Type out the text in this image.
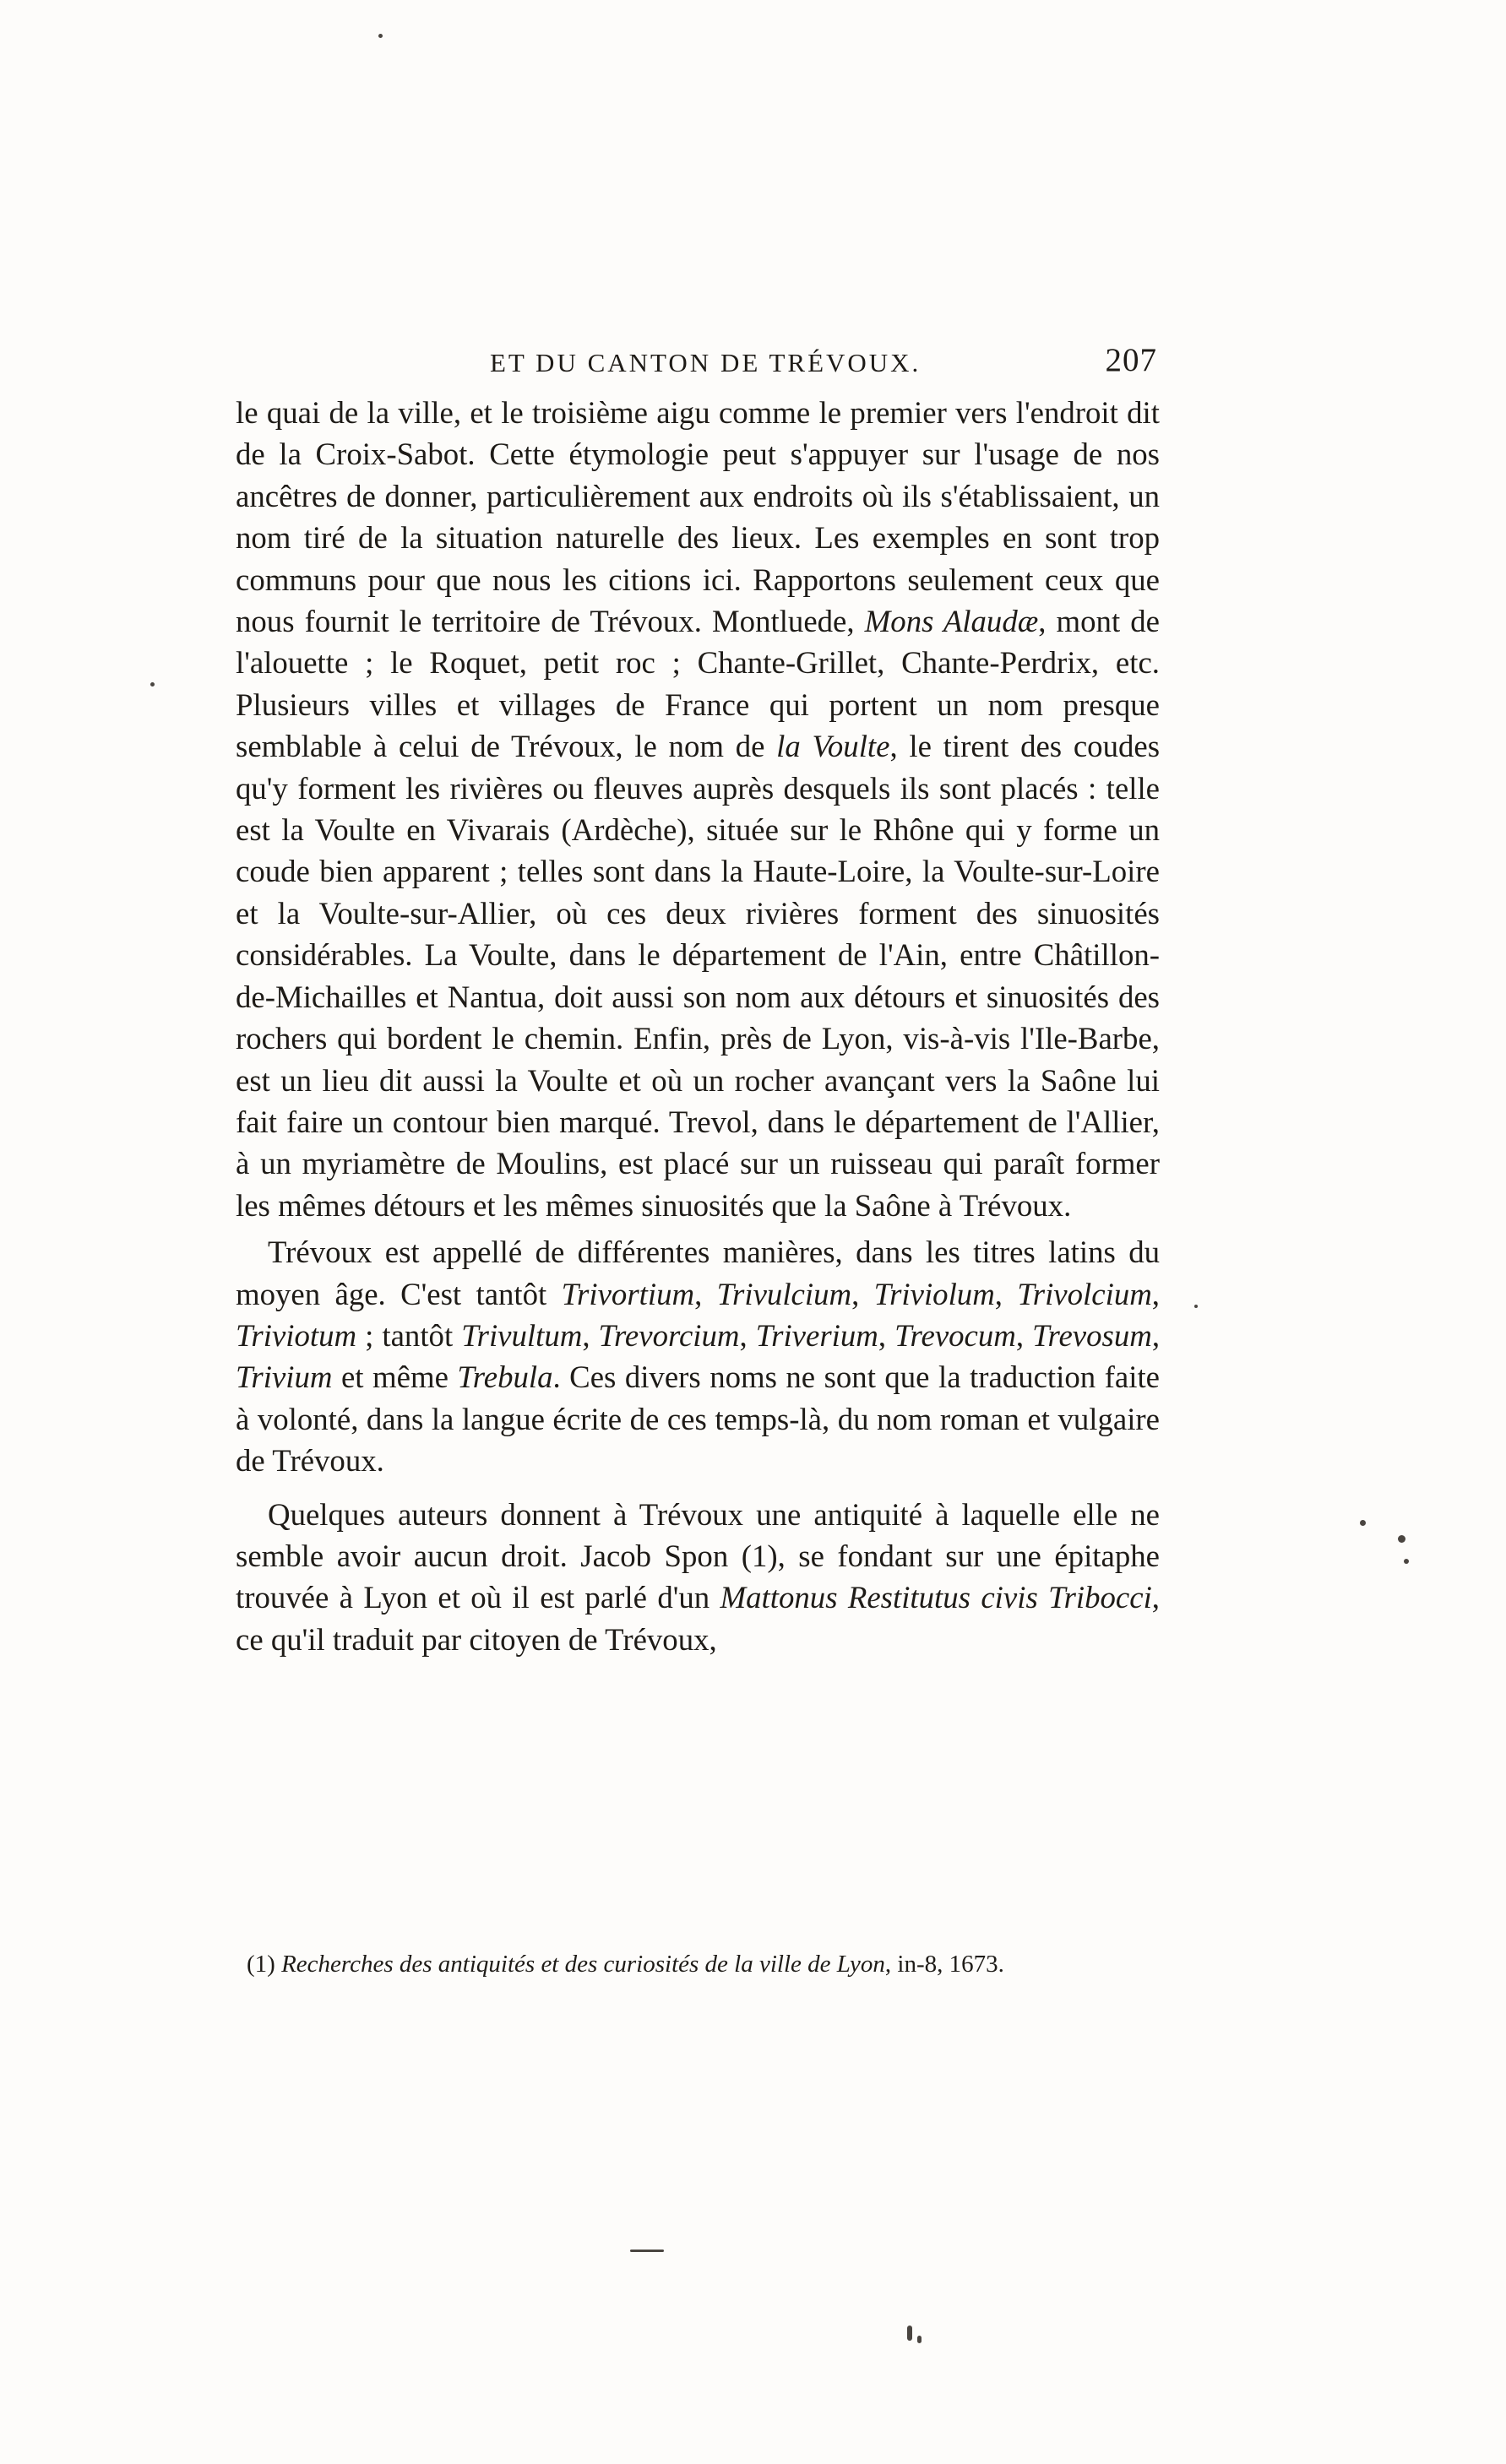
ET DU CANTON DE TRÉVOUX.	207

le quai de la ville, et le troisième aigu comme le premier vers l'endroit dit de la Croix-Sabot. Cette étymologie peut s'appuyer sur l'usage de nos ancêtres de donner, particulièrement aux endroits où ils s'établissaient, un nom tiré de la situation naturelle des lieux. Les exemples en sont trop communs pour que nous les citions ici. Rapportons seulement ceux que nous fournit le territoire de Trévoux. Montluede, Mons Alaudæ, mont de l'alouette ; le Roquet, petit roc ; Chante-Grillet, Chante-Perdrix, etc. Plusieurs villes et villages de France qui portent un nom presque semblable à celui de Trévoux, le nom de la Voulte, le tirent des coudes qu'y forment les rivières ou fleuves auprès desquels ils sont placés : telle est la Voulte en Vivarais (Ardèche), située sur le Rhône qui y forme un coude bien apparent ; telles sont dans la Haute-Loire, la Voulte-sur-Loire et la Voulte-sur-Allier, où ces deux rivières forment des sinuosités considérables. La Voulte, dans le département de l'Ain, entre Châtillon-de-Michailles et Nantua, doit aussi son nom aux détours et sinuosités des rochers qui bordent le chemin. Enfin, près de Lyon, vis-à-vis l'Ile-Barbe, est un lieu dit aussi la Voulte et où un rocher avançant vers la Saône lui fait faire un contour bien marqué. Trevol, dans le département de l'Allier, à un myriamètre de Moulins, est placé sur un ruisseau qui paraît former les mêmes détours et les mêmes sinuosités que la Saône à Trévoux.

Trévoux est appellé de différentes manières, dans les titres latins du moyen âge. C'est tantôt Trivortium, Trivulcium, Triviolum, Trivolcium, Triviotum ; tantôt Trivultum, Trevorcium, Triverium, Trevocum, Trevosum, Trivium et même Trebula. Ces divers noms ne sont que la traduction faite à volonté, dans la langue écrite de ces temps-là, du nom roman et vulgaire de Trévoux.

Quelques auteurs donnent à Trévoux une antiquité à laquelle elle ne semble avoir aucun droit. Jacob Spon (1), se fondant sur une épitaphe trouvée à Lyon et où il est parlé d'un Mattonus Restitutus civis Tribocci, ce qu'il traduit par citoyen de Trévoux,

(1) Recherches des antiquités et des curiosités de la ville de Lyon, in-8, 1673.
